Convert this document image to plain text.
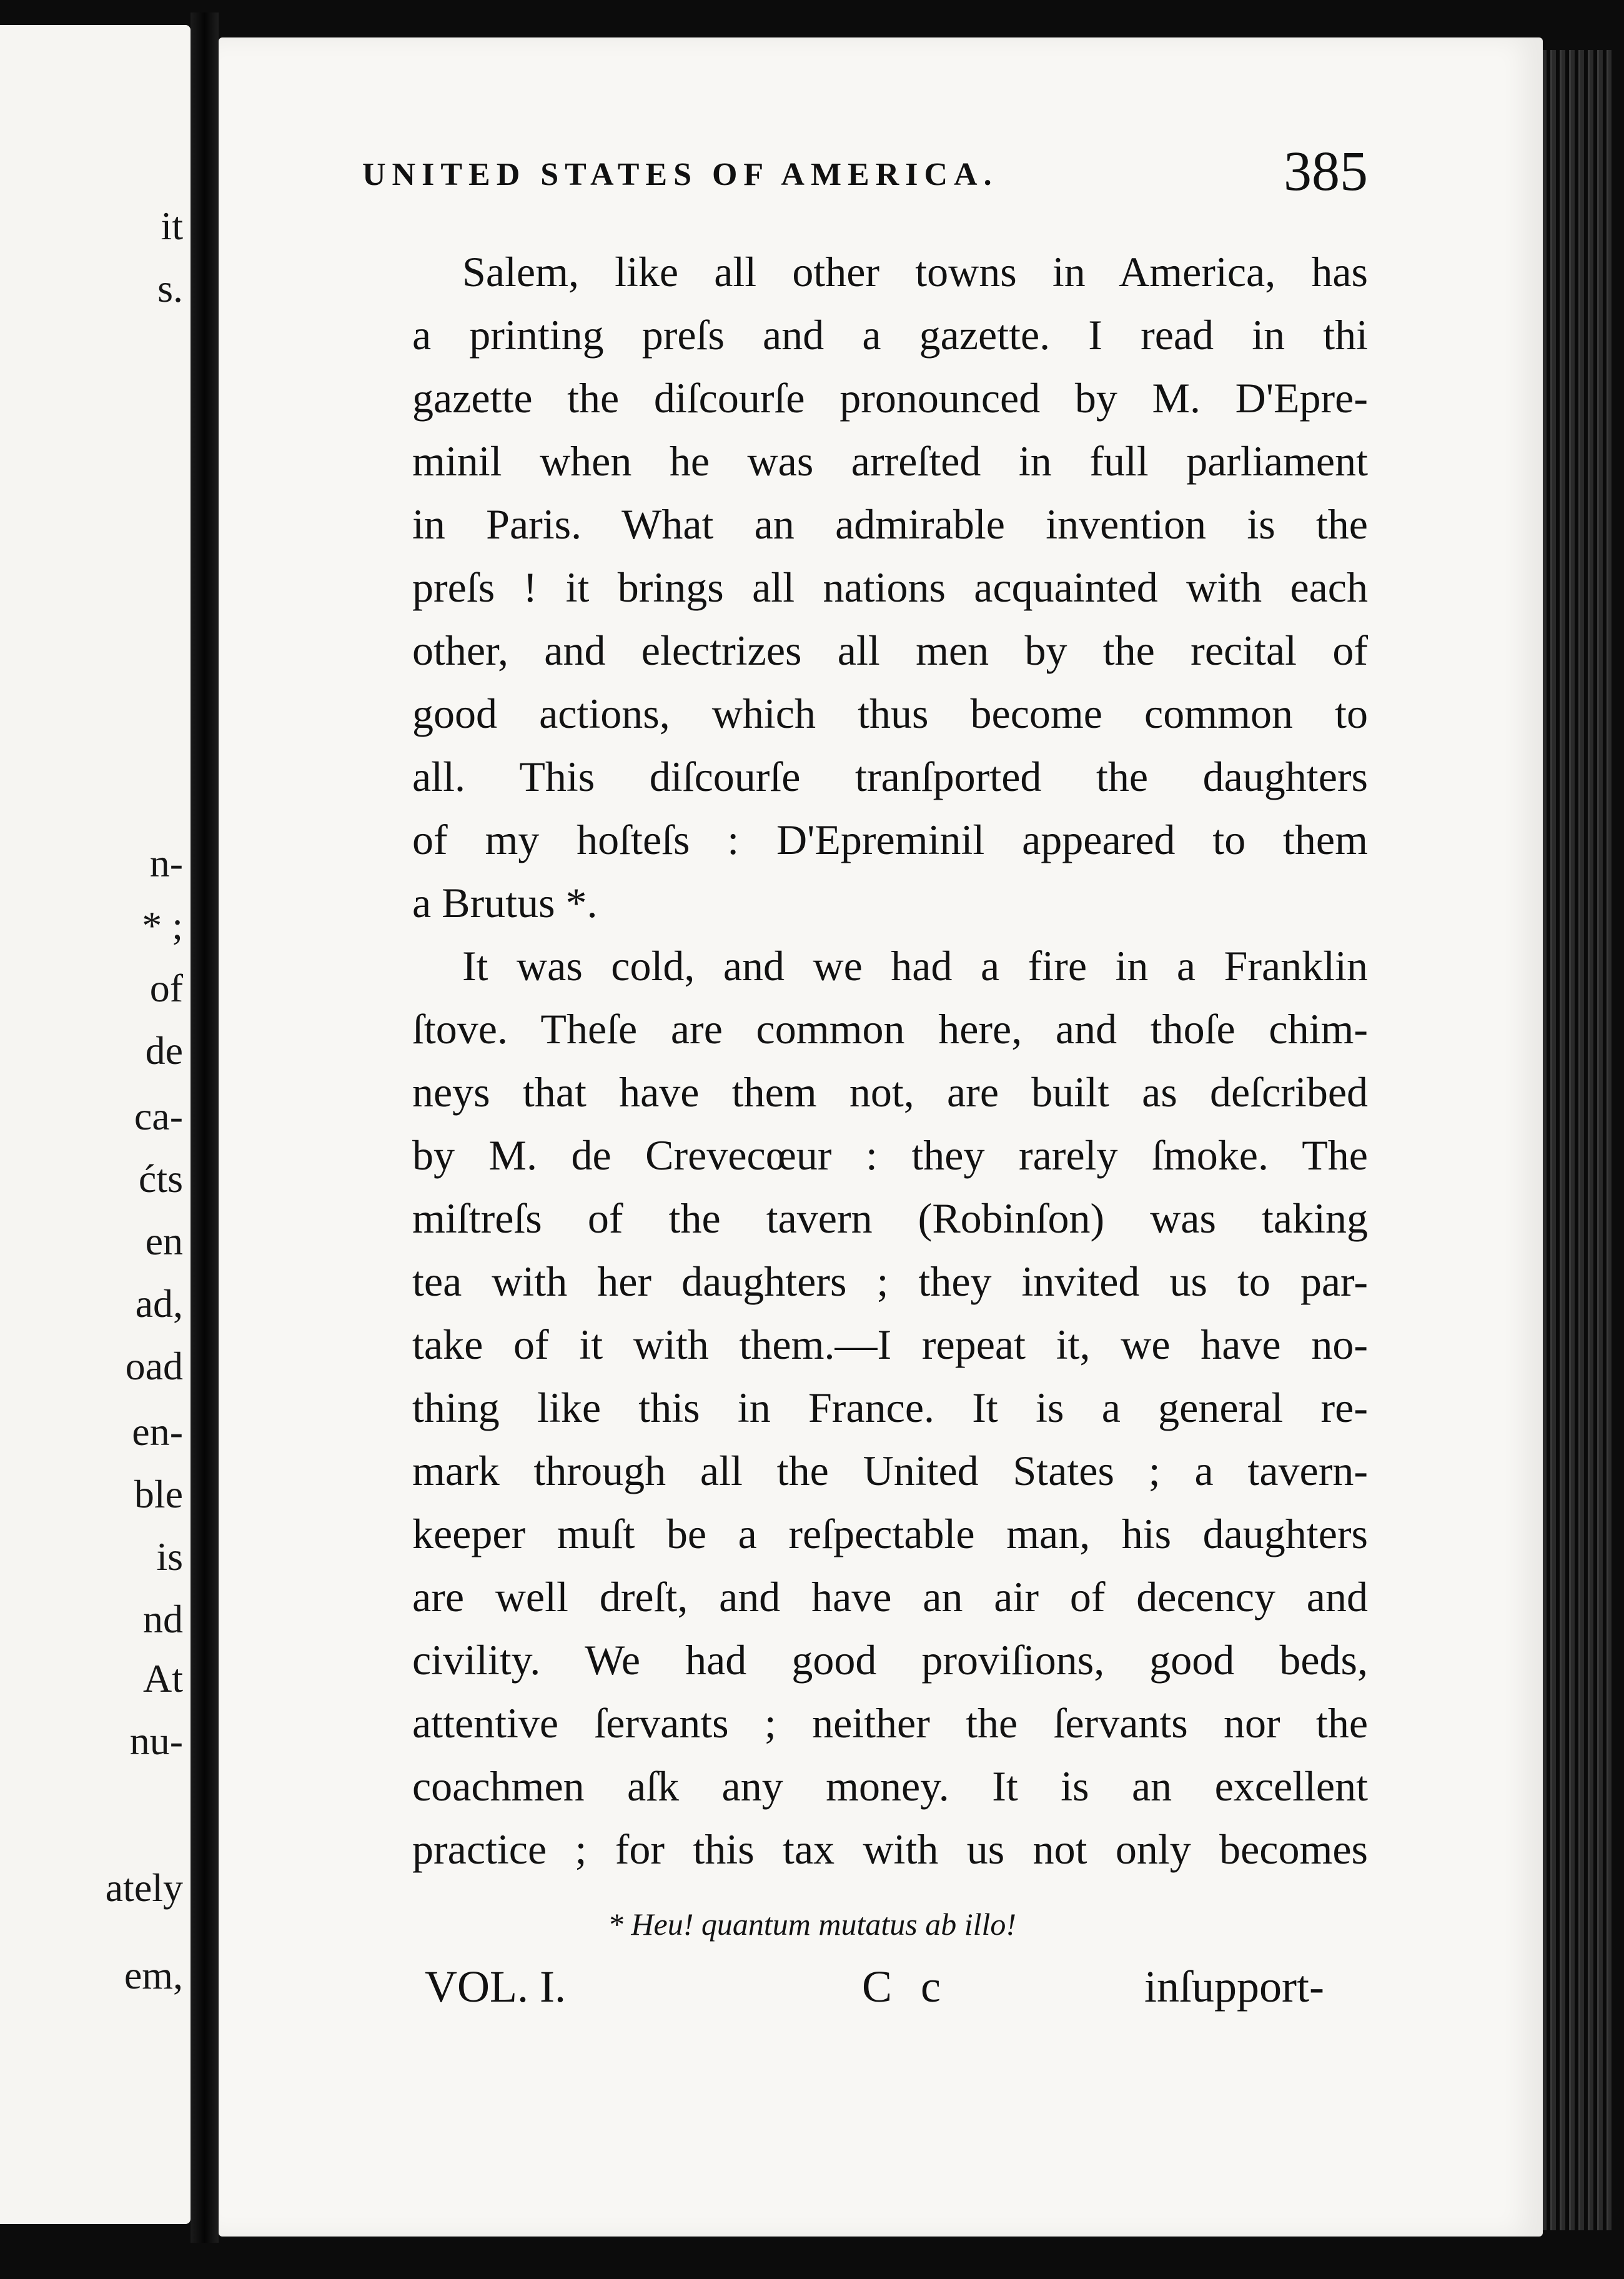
it

s.

n-

* ;

of

de

ca-

ćts

en

ad,

oad

en-

ble

is

nd

At

nu-

ately

em,

UNITED STATES OF AMERICA.	385

Salem, like all other towns in America, has
a printing preſs and a gazette. I read in thi
gazette the diſcourſe pronounced by M. D'Epre-
minil when he was arreſted in full parliament
in Paris. What an admirable invention is the
preſs ! it brings all nations acquainted with each
other, and electrizes all men by the recital of
good actions, which thus become common to
all. This diſcourſe tranſported the daughters
of my hoſteſs : D'Epreminil appeared to them
a Brutus *.
It was cold, and we had a fire in a Franklin
ſtove. Theſe are common here, and thoſe chim-
neys that have them not, are built as deſcribed
by M. de Crevecœur : they rarely ſmoke. The
miſtreſs of the tavern (Robinſon) was taking
tea with her daughters ; they invited us to par-
take of it with them.—I repeat it, we have no-
thing like this in France. It is a general re-
mark through all the United States ; a tavern-
keeper muſt be a reſpectable man, his daughters
are well dreſt, and have an air of decency and
civility. We had good proviſions, good beds,
attentive ſervants ; neither the ſervants nor the
coachmen aſk any money. It is an excellent
practice ; for this tax with us not only becomes

* Heu! quantum mutatus ab illo!

VOL. I.	C c	inſupport-
